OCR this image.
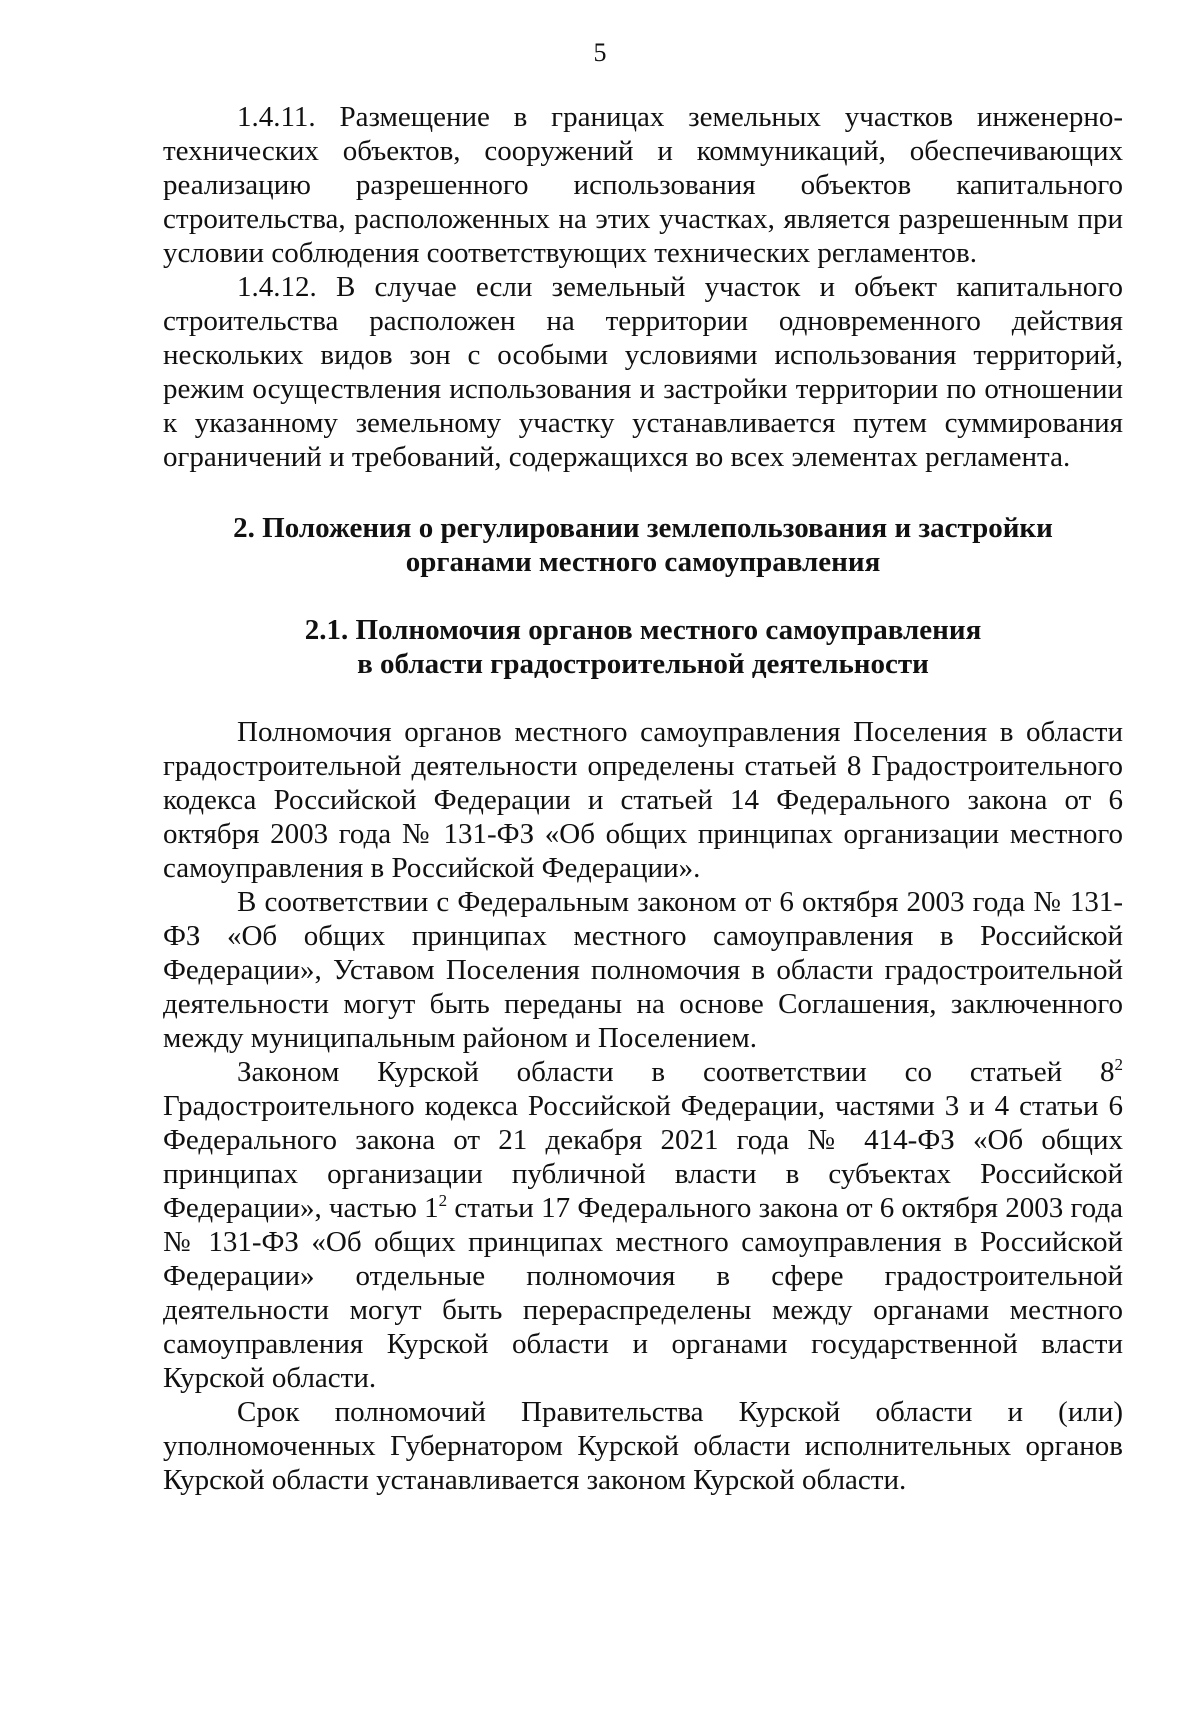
5

1.4.11. Размещение в границах земельных участков инженерно-технических объектов, сооружений и коммуникаций, обеспечивающих реализацию разрешенного использования объектов капитального строительства, расположенных на этих участках, является разрешенным при условии соблюдения соответствующих технических регламентов.

1.4.12. В случае если земельный участок и объект капитального строительства расположен на территории одновременного действия нескольких видов зон с особыми условиями использования территорий, режим осуществления использования и застройки территории по отношении к указанному земельному участку устанавливается путем суммирования ограничений и требований, содержащихся во всех элементах регламента.

2. Положения о регулировании землепользования и застройки
органами местного самоуправления
2.1. Полномочия органов местного самоуправления
в области градостроительной деятельности

Полномочия органов местного самоуправления Поселения в области градостроительной деятельности определены статьей 8 Градостроительного кодекса Российской Федерации и статьей 14 Федерального закона от 6 октября 2003 года № 131-ФЗ «Об общих принципах организации местного самоуправления в Российской Федерации».

В соответствии с Федеральным законом от 6 октября 2003 года № 131-ФЗ «Об общих принципах местного самоуправления в Российской Федерации», Уставом Поселения полномочия в области градостроительной деятельности могут быть переданы на основе Соглашения, заключенного между муниципальным районом и Поселением.

Законом Курской области в соответствии со статьей $8^2$ Градостроительного кодекса Российской Федерации, частями 3 и 4 статьи 6 Федерального закона от 21 декабря 2021 года № 414-ФЗ «Об общих принципах организации публичной власти в субъектах Российской Федерации», частью $1^2$ статьи 17 Федерального закона от 6 октября 2003 года № 131-ФЗ «Об общих принципах местного самоуправления в Российской Федерации» отдельные полномочия в сфере градостроительной деятельности могут быть перераспределены между органами местного самоуправления Курской области и органами государственной власти Курской области.

Срок полномочий Правительства Курской области и (или) уполномоченных Губернатором Курской области исполнительных органов Курской области устанавливается законом Курской области.
